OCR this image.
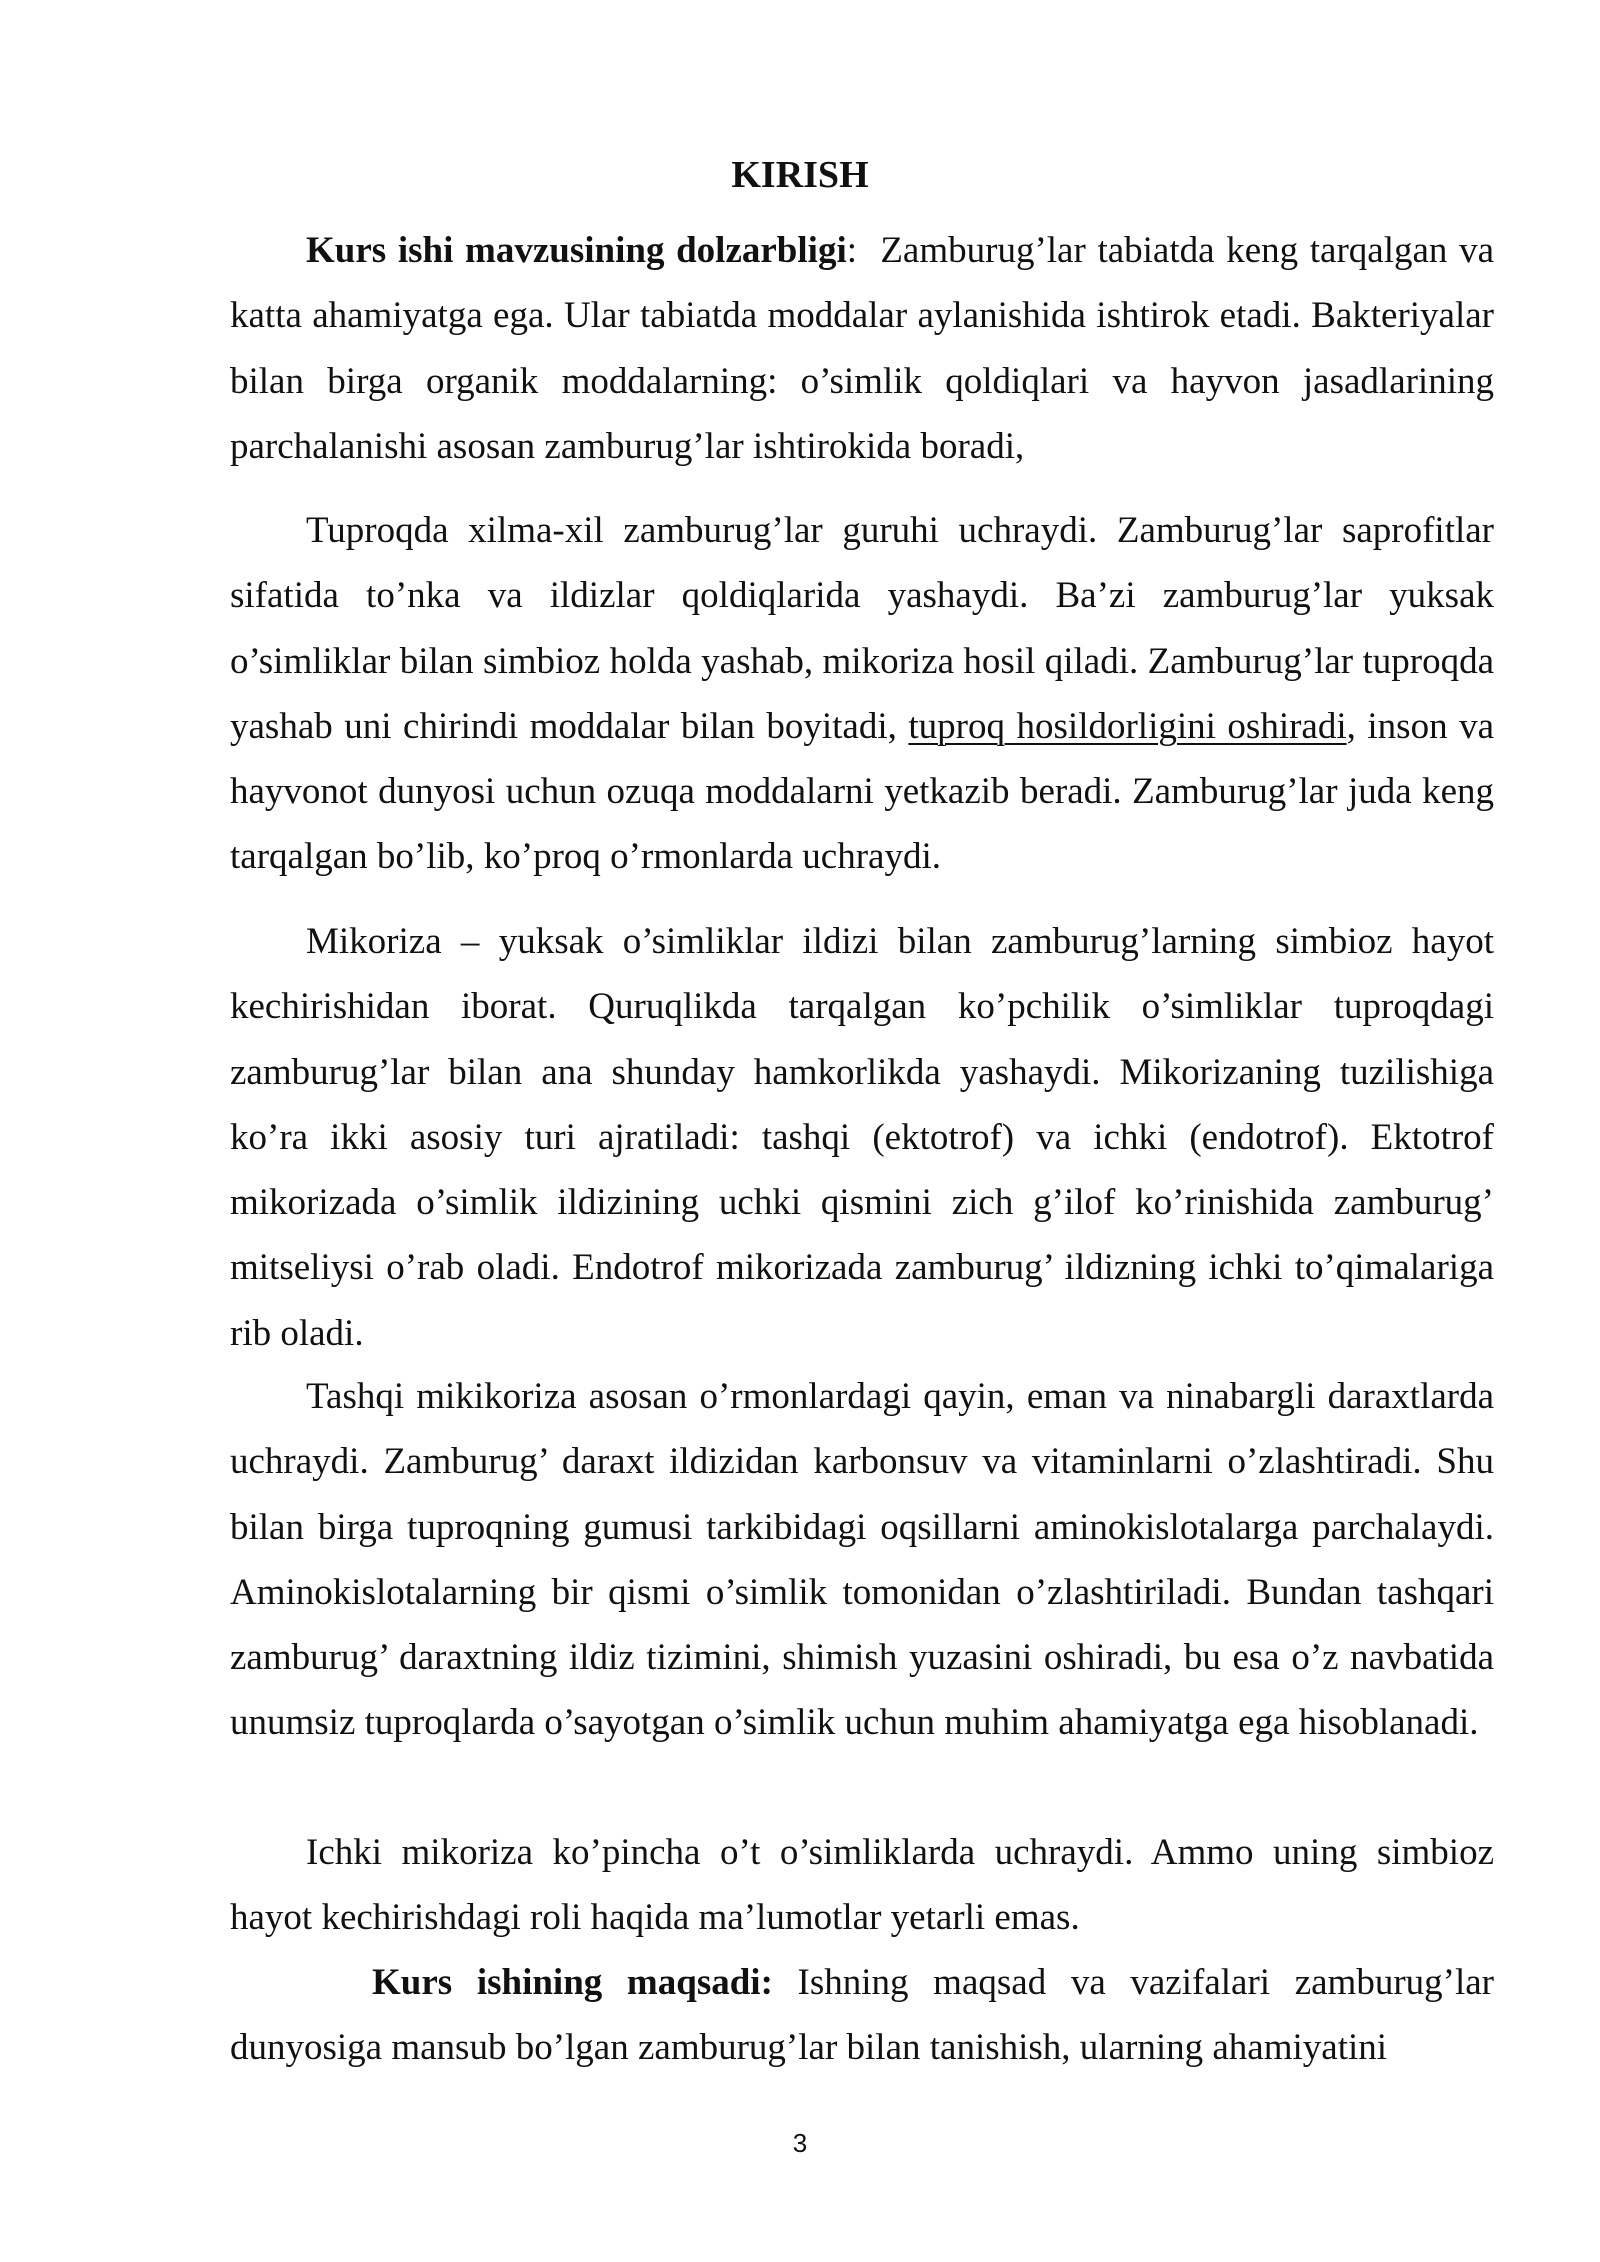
KIRISH

Kurs ishi mavzusining dolzarbligi:  Zamburug’lar tabiatda keng tarqalgan va katta ahamiyatga ega. Ular tabiatda moddalar aylanishida ishtirok etadi. Bakteriyalar bilan birga organik moddalarning: o’simlik qoldiqlari va hayvon jasadlarining parchalanishi asosan zamburug’lar ishtirokida boradi,

Tuproqda xilma-xil zamburug’lar guruhi uchraydi. Zamburug’lar saprofitlar sifatida to’nka va ildizlar qoldiqlarida yashaydi. Ba’zi zamburug’lar yuksak o’simliklar bilan simbioz holda yashab, mikoriza hosil qiladi. Zamburug’lar tuproqda yashab uni chirindi moddalar bilan boyitadi, tuproq hosildorligini oshiradi, inson va hayvonot dunyosi uchun ozuqa moddalarni yetkazib beradi. Zamburug’lar juda keng tarqalgan bo’lib, ko’proq o’rmonlarda uchraydi.

Mikoriza – yuksak o’simliklar ildizi bilan zamburug’larning simbioz hayot kechirishidan iborat. Quruqlikda tarqalgan ko’pchilik o’simliklar tuproqdagi zamburug’lar bilan ana shunday hamkorlikda yashaydi. Mikorizaning tuzilishiga ko’ra ikki asosiy turi ajratiladi: tashqi (ektotrof) va ichki (endotrof). Ektotrof mikorizada o’simlik ildizining uchki qismini zich g’ilof ko’rinishida zamburug’ mitseliysi o’rab oladi. Endotrof mikorizada zamburug’ ildizning ichki to’qimalariga rib oladi.

Tashqi mikikoriza asosan o’rmonlardagi qayin, eman va ninabargli daraxtlarda uchraydi. Zamburug’ daraxt ildizidan karbonsuv va vitaminlarni o’zlashtiradi. Shu bilan birga tuproqning gumusi tarkibidagi oqsillarni aminokislotalarga parchalaydi. Aminokislotalarning bir qismi o’simlik tomonidan o’zlashtiriladi. Bundan tashqari zamburug’ daraxtning ildiz tizimini, shimish yuzasini oshiradi, bu esa o’z navbatida unumsiz tuproqlarda o’sayotgan o’simlik uchun muhim ahamiyatga ega hisoblanadi.

Ichki mikoriza ko’pincha o’t o’simliklarda uchraydi. Ammo uning simbioz hayot kechirishdagi roli haqida ma’lumotlar yetarli emas.

Kurs ishining maqsadi: Ishning maqsad va vazifalari zamburug’lar dunyosiga mansub bo’lgan zamburug’lar bilan tanishish, ularning ahamiyatini

3
